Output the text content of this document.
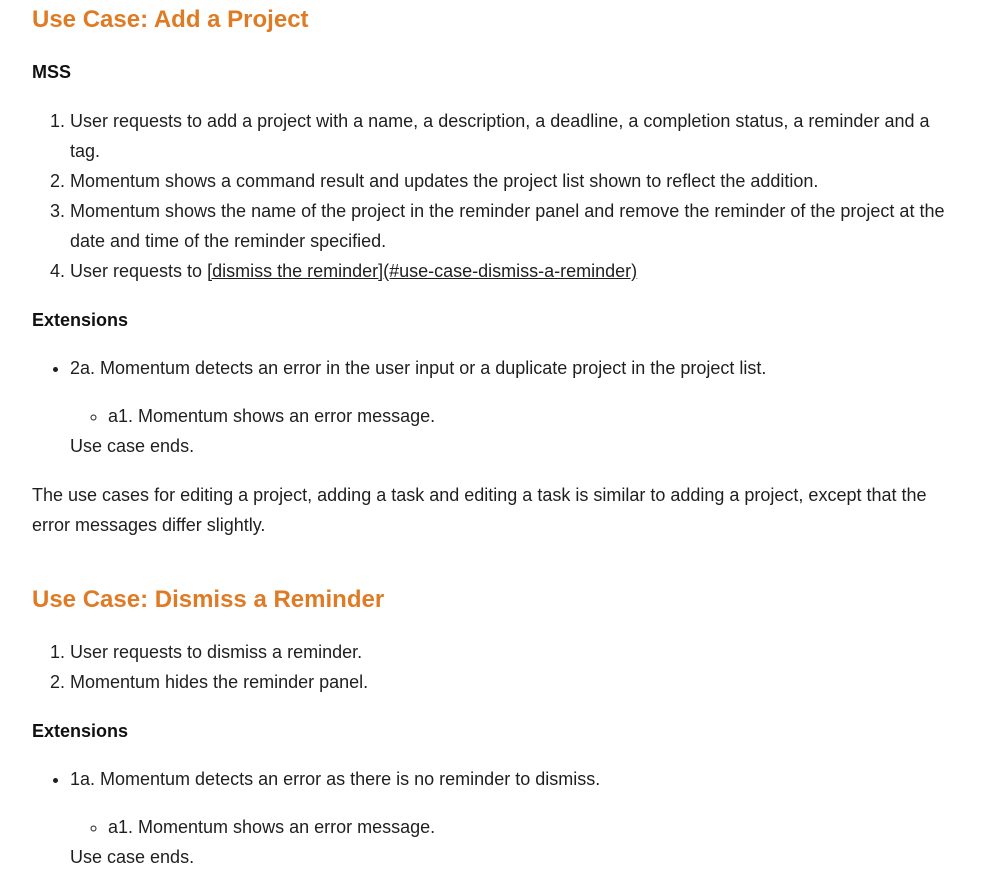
Use Case: Add a Project
MSS
1. User requests to add a project with a name, a description, a deadline, a completion status, a reminder and a tag.
2. Momentum shows a command result and updates the project list shown to reflect the addition.
3. Momentum shows the name of the project in the reminder panel and remove the reminder of the project at the date and time of the reminder specified.
4. User requests to [dismiss the reminder](#use-case-dismiss-a-reminder)
Extensions
• 2a. Momentum detects an error in the user input or a duplicate project in the project list.
◦ a1. Momentum shows an error message.

Use case ends.

The use cases for editing a project, adding a task and editing a task is similar to adding a project, except that the error messages differ slightly.

Use Case: Dismiss a Reminder
1. User requests to dismiss a reminder.
2. Momentum hides the reminder panel.
Extensions
• 1a. Momentum detects an error as there is no reminder to dismiss.
◦ a1. Momentum shows an error message.

Use case ends.
